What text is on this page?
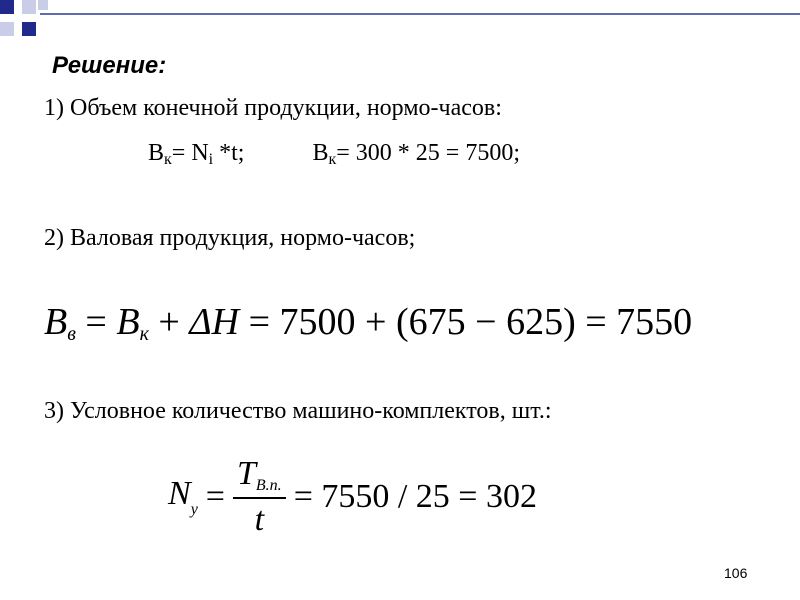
Решение:
1) Объем конечной продукции, нормо-часов:
$B_к= N_i$ *t;	$B_к= 300 * 25 = 7500$;
2) Валовая продукция, нормо-часов;
$B_в = B_к + \Delta H = 7500 + (675 - 625) = 7550$
3) Условное количество машино-комплектов, шт.:
$N_у = \frac{T_{B.п.}}{t} = 7550 / 25 = 302$
106
